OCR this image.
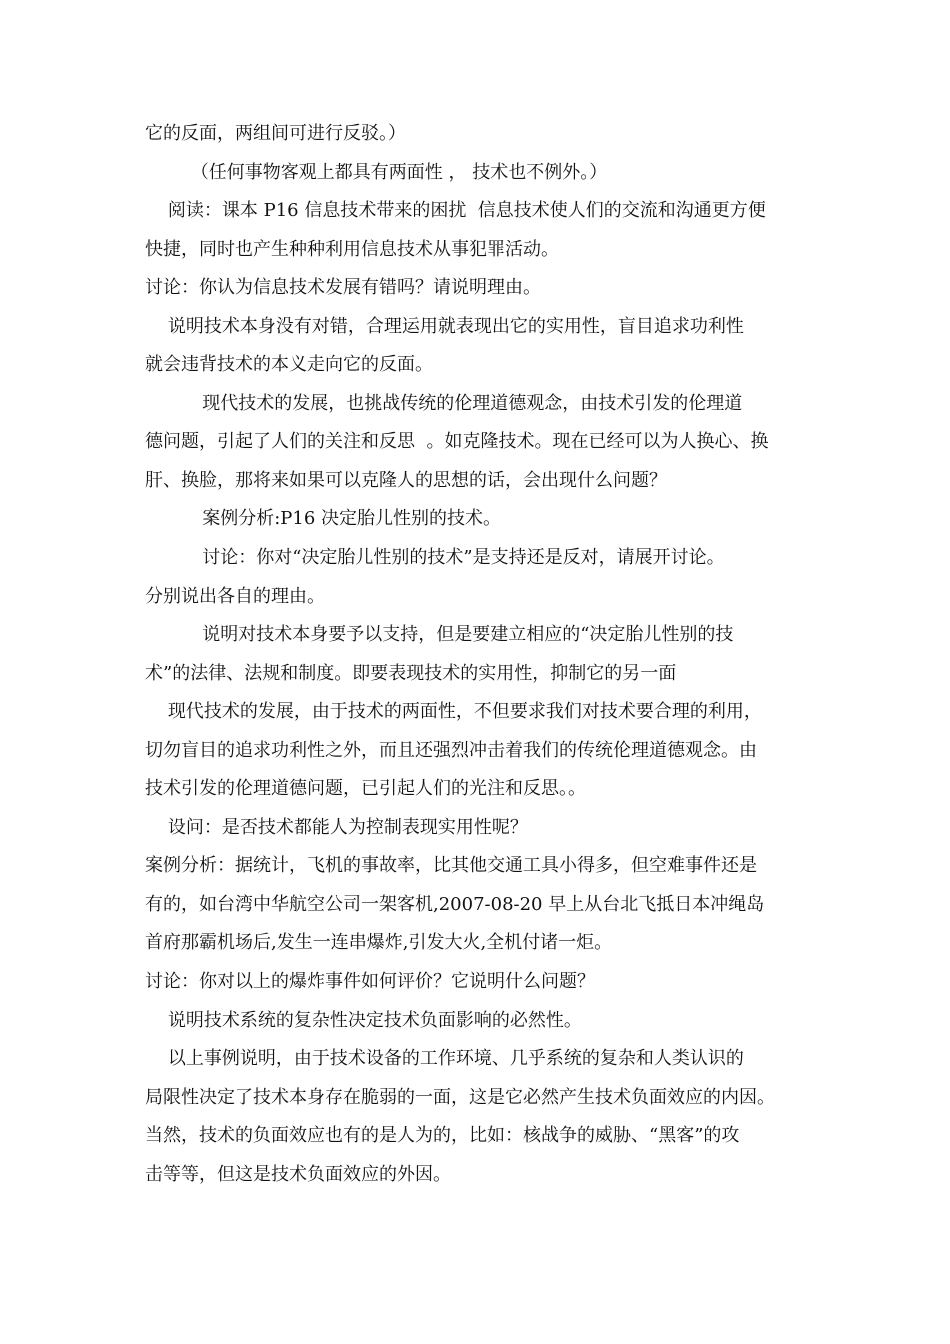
它的反面，两组间可进行反驳。）

（任何事物客观上都具有两面性 ， 技术也不例外。）

阅读：课本 P16 信息技术带来的困扰  信息技术使人们的交流和沟通更方便

快捷，同时也产生种种利用信息技术从事犯罪活动。

讨论：你认为信息技术发展有错吗？请说明理由。

说明技术本身没有对错，合理运用就表现出它的实用性，盲目追求功利性

就会违背技术的本义走向它的反面。

现代技术的发展，也挑战传统的伦理道德观念，由技术引发的伦理道

德问题，引起了人们的关注和反思  。如克隆技术。现在已经可以为人换心、换

肝、换脸，那将来如果可以克隆人的思想的话，会出现什么问题？

案例分析:P16 决定胎儿性别的技术。

讨论：你对“决定胎儿性别的技术”是支持还是反对，请展开讨论。

分别说出各自的理由。

说明对技术本身要予以支持，但是要建立相应的“决定胎儿性别的技

术”的法律、法规和制度。即要表现技术的实用性，抑制它的另一面

现代技术的发展，由于技术的两面性，不但要求我们对技术要合理的利用，

切勿盲目的追求功利性之外，而且还强烈冲击着我们的传统伦理道德观念。由

技术引发的伦理道德问题，已引起人们的光注和反思。。

设问：是否技术都能人为控制表现实用性呢？

案例分析：据统计，飞机的事故率，比其他交通工具小得多，但空难事件还是

有的，如台湾中华航空公司一架客机,2007-08-20 早上从台北飞抵日本冲绳岛

首府那霸机场后,发生一连串爆炸,引发大火,全机付诸一炬。

讨论：你对以上的爆炸事件如何评价？它说明什么问题？

说明技术系统的复杂性决定技术负面影响的必然性。

以上事例说明，由于技术设备的工作环境、几乎系统的复杂和人类认识的

局限性决定了技术本身存在脆弱的一面，这是它必然产生技术负面效应的内因。

当然，技术的负面效应也有的是人为的，比如：核战争的威胁、“黑客”的攻

击等等，但这是技术负面效应的外因。
